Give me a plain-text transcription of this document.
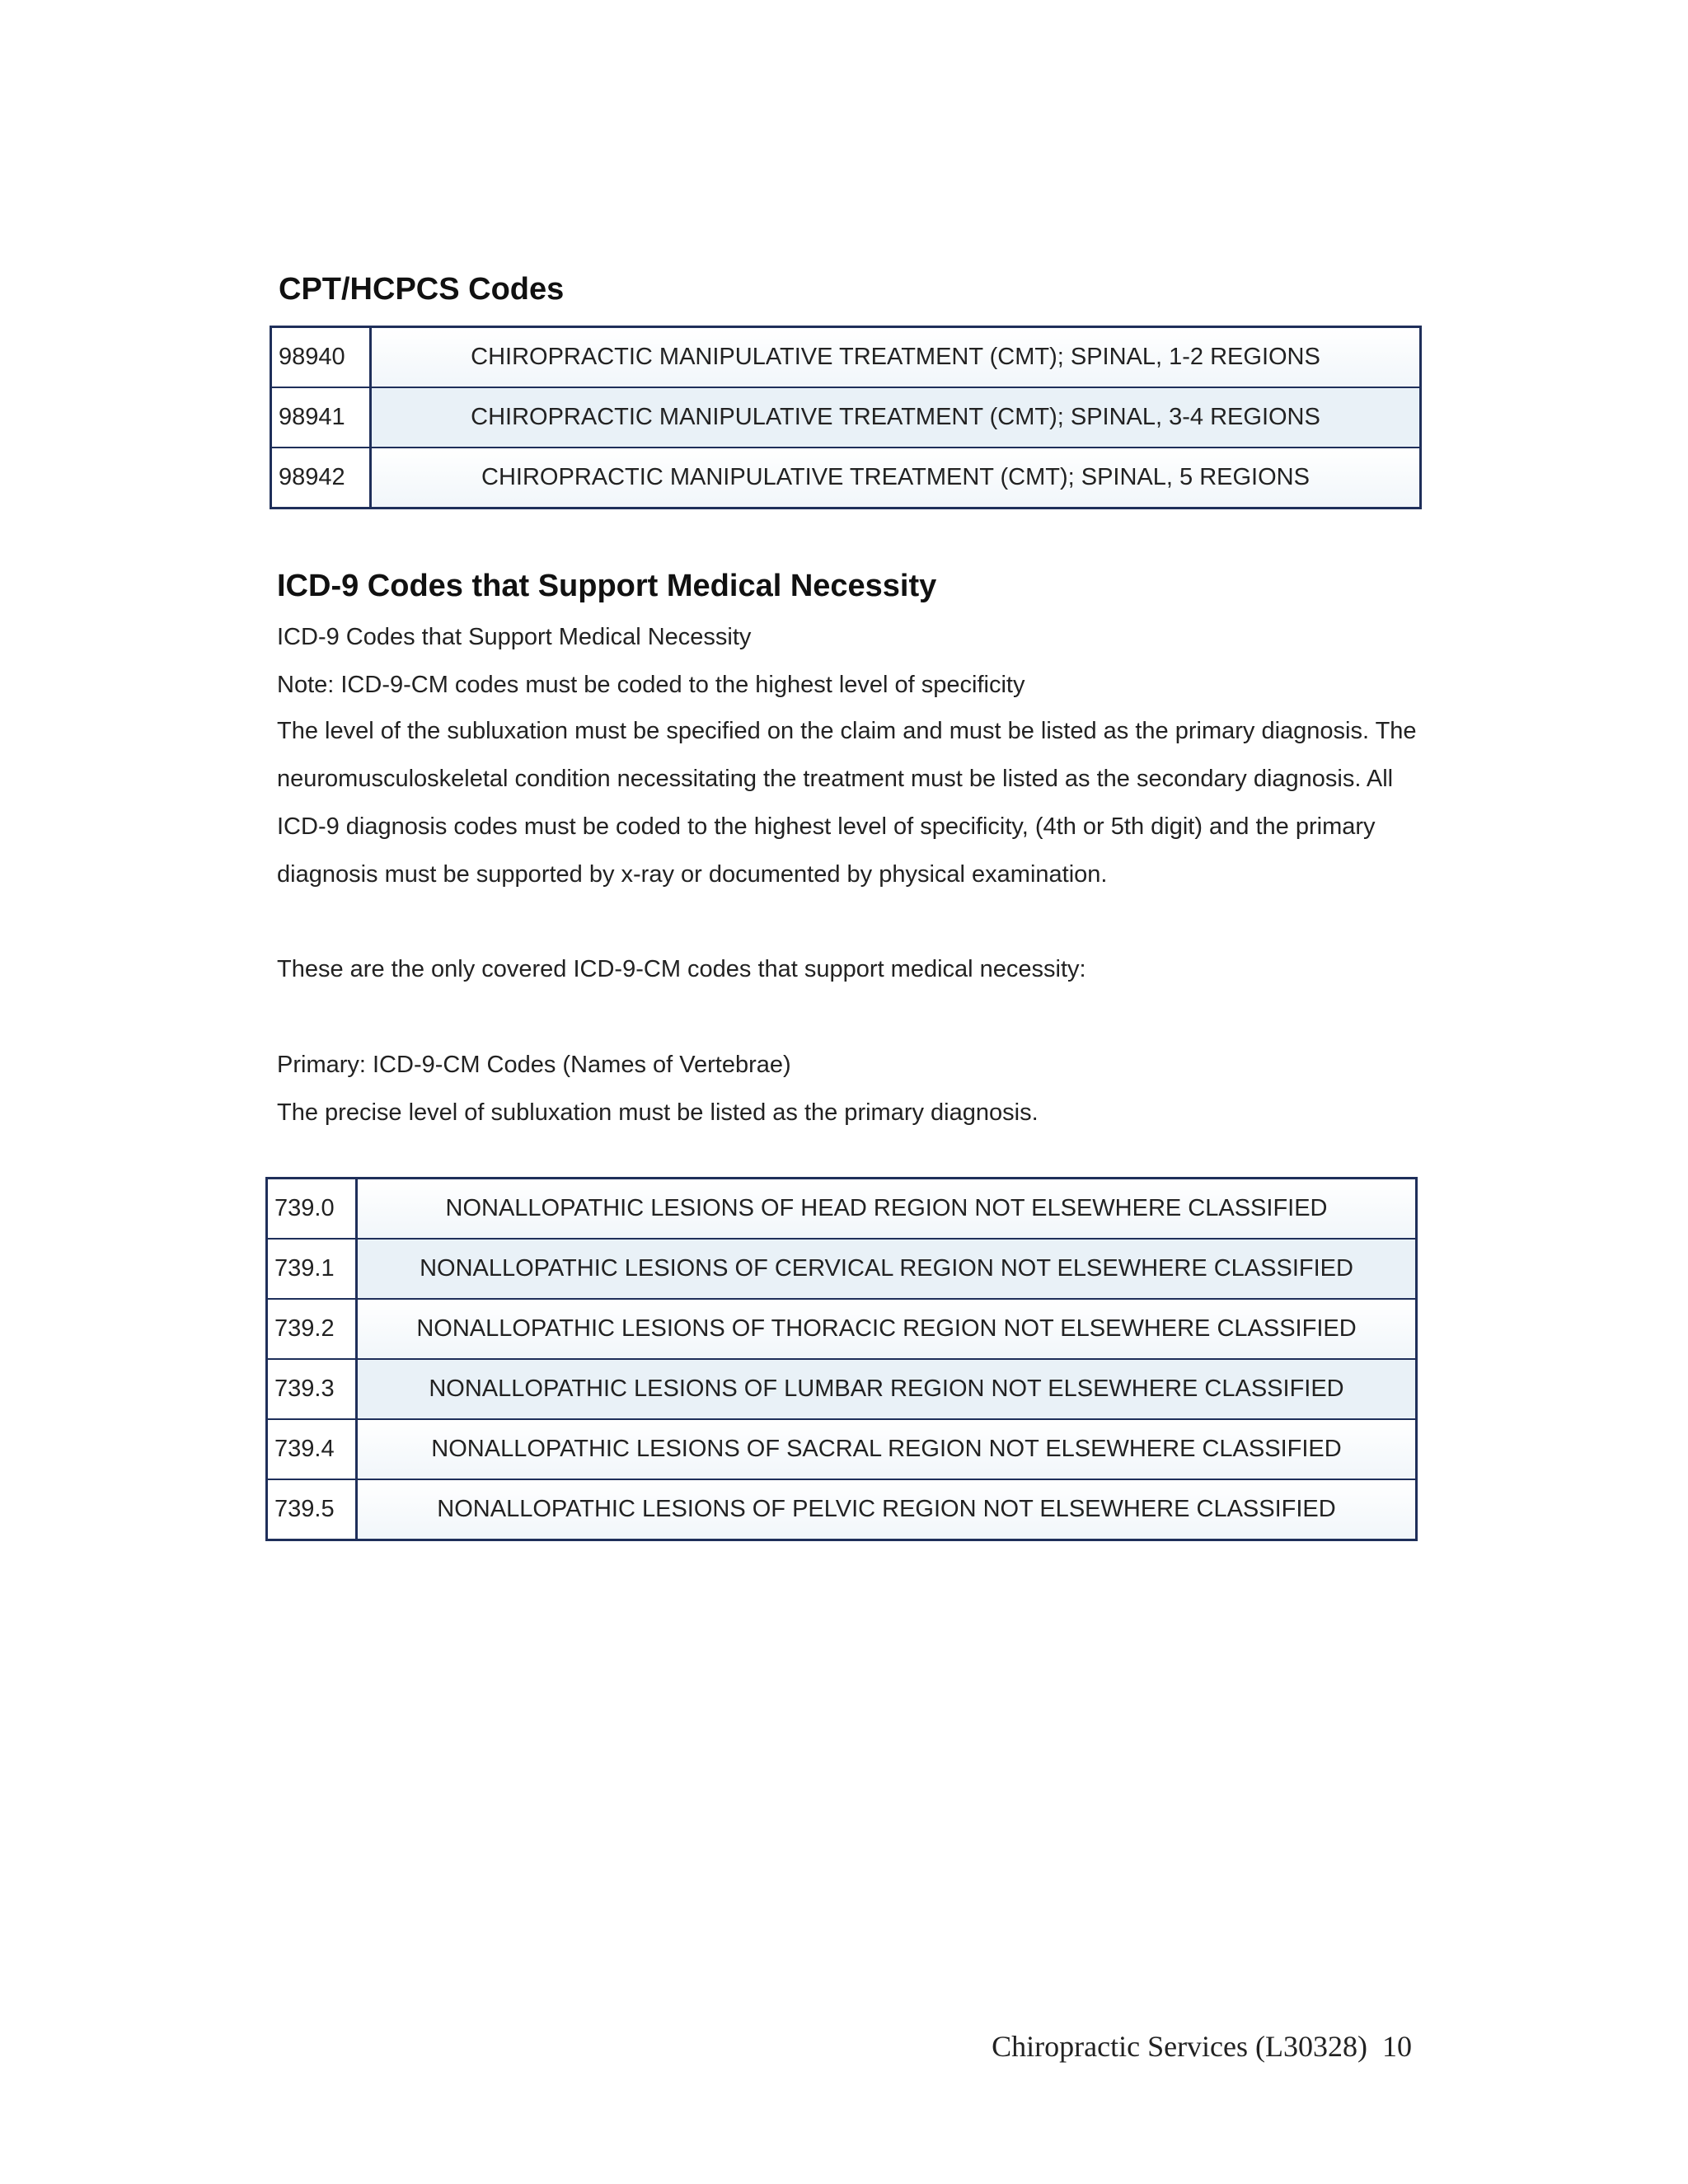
CPT/HCPCS Codes
98940	CHIROPRACTIC MANIPULATIVE TREATMENT (CMT); SPINAL, 1-2 REGIONS
98941	CHIROPRACTIC MANIPULATIVE TREATMENT (CMT); SPINAL, 3-4 REGIONS
98942	CHIROPRACTIC MANIPULATIVE TREATMENT (CMT); SPINAL, 5 REGIONS
ICD-9 Codes that Support Medical Necessity

ICD-9 Codes that Support Medical Necessity

Note: ICD-9-CM codes must be coded to the highest level of specificity

The level of the subluxation must be specified on the claim and must be listed as the primary diagnosis. The neuromusculoskeletal condition necessitating the treatment must be listed as the secondary diagnosis. All ICD-9 diagnosis codes must be coded to the highest level of specificity, (4th or 5th digit) and the primary diagnosis must be supported by x-ray or documented by physical examination.

These are the only covered ICD-9-CM codes that support medical necessity:

Primary: ICD-9-CM Codes (Names of Vertebrae)

The precise level of subluxation must be listed as the primary diagnosis.

739.0	NONALLOPATHIC LESIONS OF HEAD REGION NOT ELSEWHERE CLASSIFIED
739.1	NONALLOPATHIC LESIONS OF CERVICAL REGION NOT ELSEWHERE CLASSIFIED
739.2	NONALLOPATHIC LESIONS OF THORACIC REGION NOT ELSEWHERE CLASSIFIED
739.3	NONALLOPATHIC LESIONS OF LUMBAR REGION NOT ELSEWHERE CLASSIFIED
739.4	NONALLOPATHIC LESIONS OF SACRAL REGION NOT ELSEWHERE CLASSIFIED
739.5	NONALLOPATHIC LESIONS OF PELVIC REGION NOT ELSEWHERE CLASSIFIED

Chiropractic Services (L30328) 10
